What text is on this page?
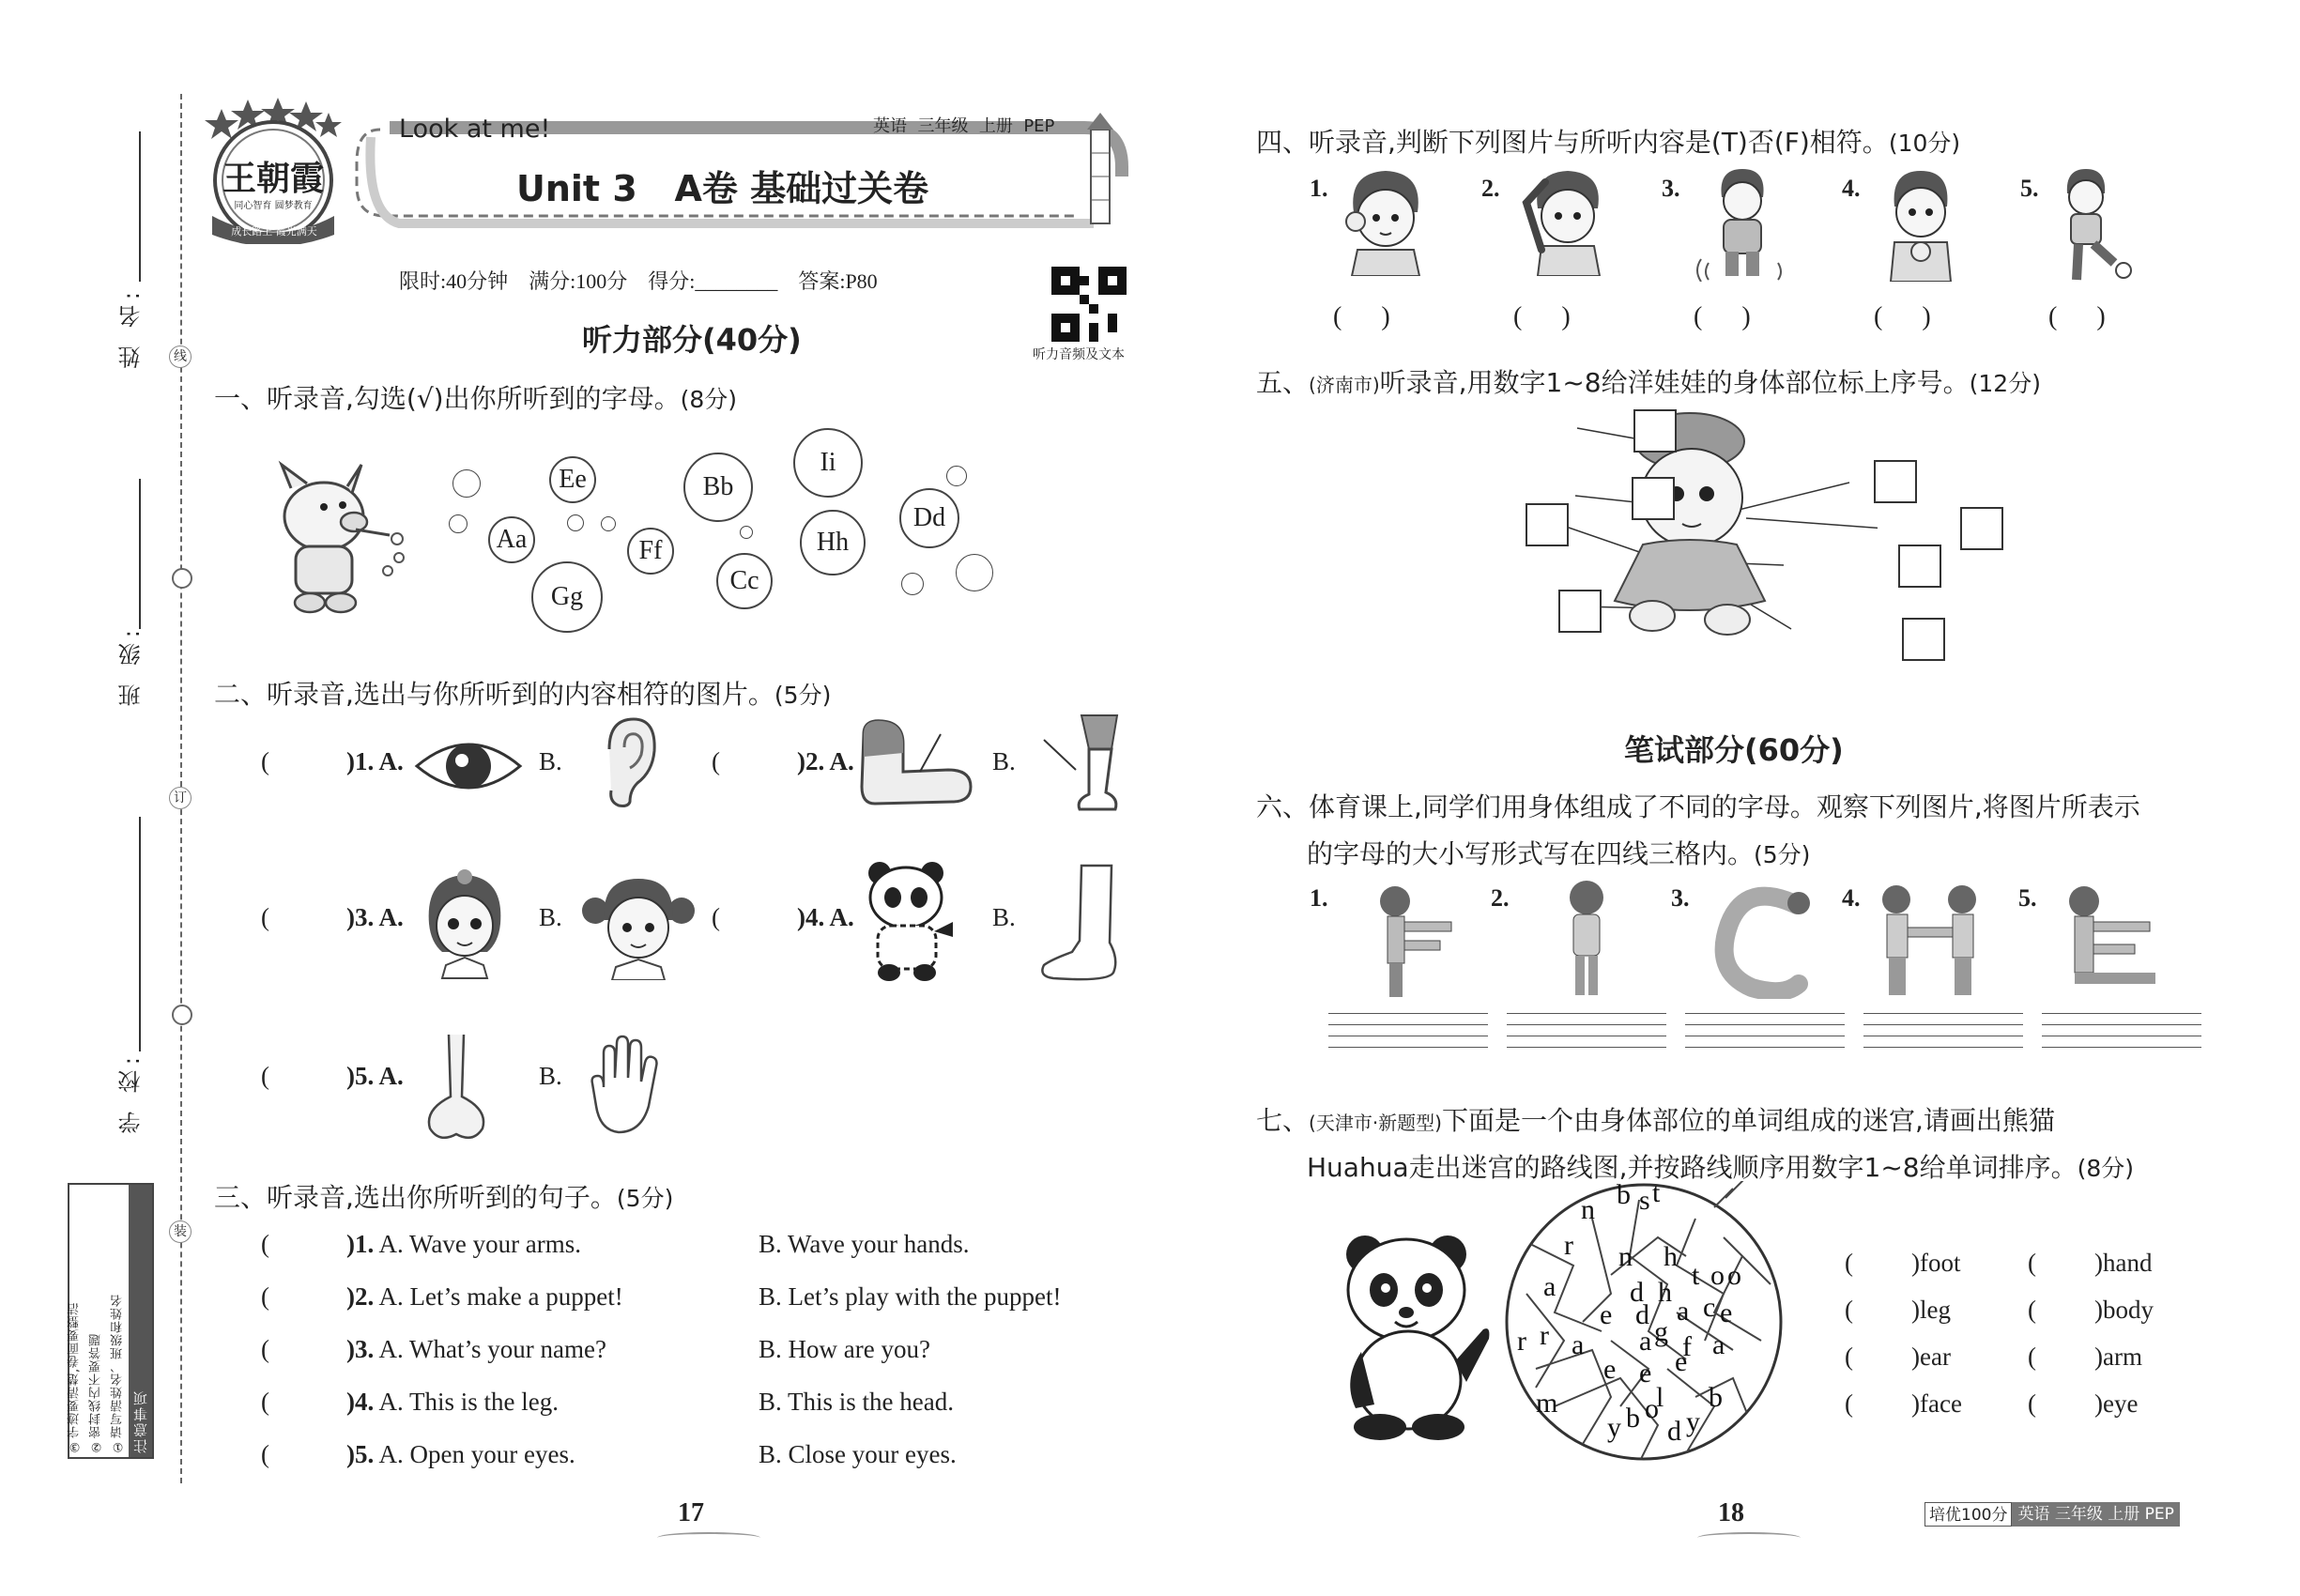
线
订
装
姓 名:
班 级:
学 校:
注意事项
①请写清姓名、班级和姓名
②密封线内不要答题
③字迹要清楚,卷面要整洁
王朝霞
同心智育 圆梦教育
成长路上 霞光满天
Look at me!	英语  三年级  上册  PEP
Unit 3   A卷 基础过关卷
限时:40分钟    满分:100分    得分:________    答案:P80
听力音频及文本
听力部分(40分)
一、听录音,勾选(√)出你所听到的字母。(8分)
Ee
Ii
Bb
Dd
Aa	Ff	Hh
Cc
Gg
二、听录音,选出与你所听到的内容相符的图片。(5分)
(	)1. A.	B.	(	)2. A.	B.
(	)3. A.	B.	(	)4. A.	B.
(	)5. A.	B.
三、听录音,选出你所听到的句子。(5分)
(	)1. A. Wave your arms.	B. Wave your hands.
(	)2. A. Let’s make a puppet!	B. Let’s play with the puppet!
(	)3. A. What’s your name?	B. How are you?
(	)4. A. This is the leg.	B. This is the head.
(	)5. A. Open your eyes.	B. Close your eyes.
17
四、听录音,判断下列图片与所听内容是(T)否(F)相符。(10分)
1.	2.	3.	4.	5.
(      )	(      )	(      )	(      )	(      )
五、(济南市)听录音,用数字1~8给洋娃娃的身体部位标上序号。(12分)
笔试部分(60分)
六、体育课上,同学们用身体组成了不同的字母。观察下列图片,将图片所表示
的字母的大小写形式写在四线三格内。(5分)
1.	2.	3.	4.	5.
七、(天津市·新题型)下面是一个由身体部位的单词组成的迷宫,请画出熊猫
Huahua走出迷宫的路线图,并按路线顺序用数字1~8给单词排序。(8分)
n b s t
r n h
a	d h
t o o
e d a c e
r r a a g f a
m
e e
l
e
b
y b o
d y
( )foot	( )hand
( )leg	( )body
( )ear	( )arm
( )face	( )eye
18	培优100分 英语 三年级 上册 PEP
